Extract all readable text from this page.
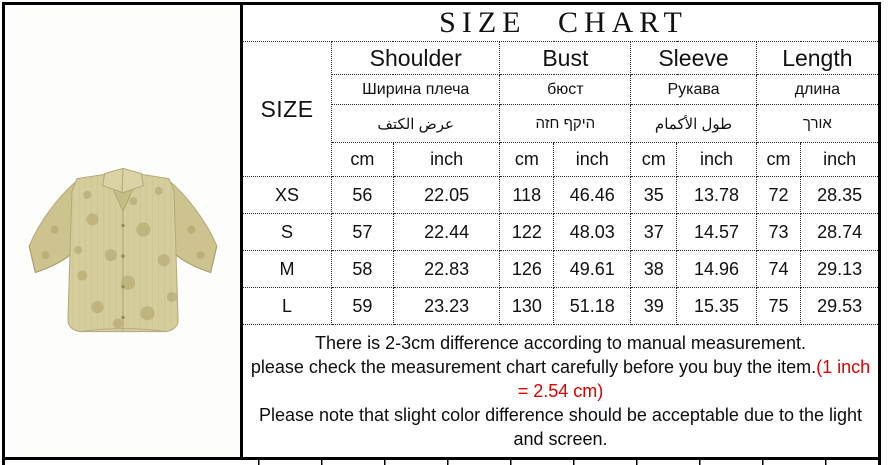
SIZE CHART								
SIZE	Shoulder		Bust		Sleeve		Length	
	Ширина плеча		бюст		Рукава		длина	
	عرض الكتف		היקף חזה		طول الأكمام		אורך	
	cm	inch	cm	inch	cm	inch	cm	inch
XS	56	22.05	118	46.46	35	13.78	72	28.35
S	57	22.44	122	48.03	37	14.57	73	28.74
M	58	22.83	126	49.61	38	14.96	74	29.13
L	59	23.23	130	51.18	39	15.35	75	29.53

There is 2-3cm difference according to manual measurement.
please check the measurement chart carefully before you buy the item.(1 inch = 2.54 cm)
Please note that slight color difference should be acceptable due to the light and screen.								
